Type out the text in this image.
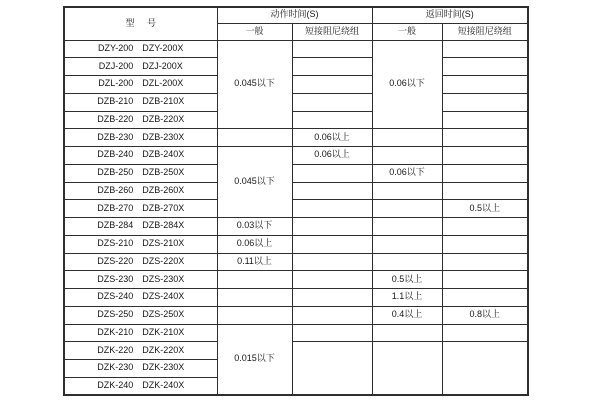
型 号	动作时间(S)		返回时间(S)	
	一般	短接阻尼绕组	一般	短接阻尼绕组
DZY-200 DZY-200X	0.045以下		0.06以下	
DZJ-200 DZJ-200X				
DZL-200 DZL-200X				
DZB-210 DZB-210X				
DZB-220 DZB-220X				
DZB-230 DZB-230X		0.06以上		
DZB-240 DZB-240X	0.045以下	0.06以上		
DZB-250 DZB-250X			0.06以下	
DZB-260 DZB-260X				
DZB-270 DZB-270X				0.5以上
DZB-284 DZB-284X	0.03以下			
DZS-210 DZS-210X	0.06以上			
DZS-220 DZS-220X	0.11以上			
DZS-230 DZS-230X			0.5以上	
DZS-240 DZS-240X			1.1以上	
DZS-250 DZS-250X			0.4以上	0.8以上
DZK-210 DZK-210X	0.015以下			
DZK-220 DZK-220X				
DZK-230 DZK-230X				
DZK-240 DZK-240X				
